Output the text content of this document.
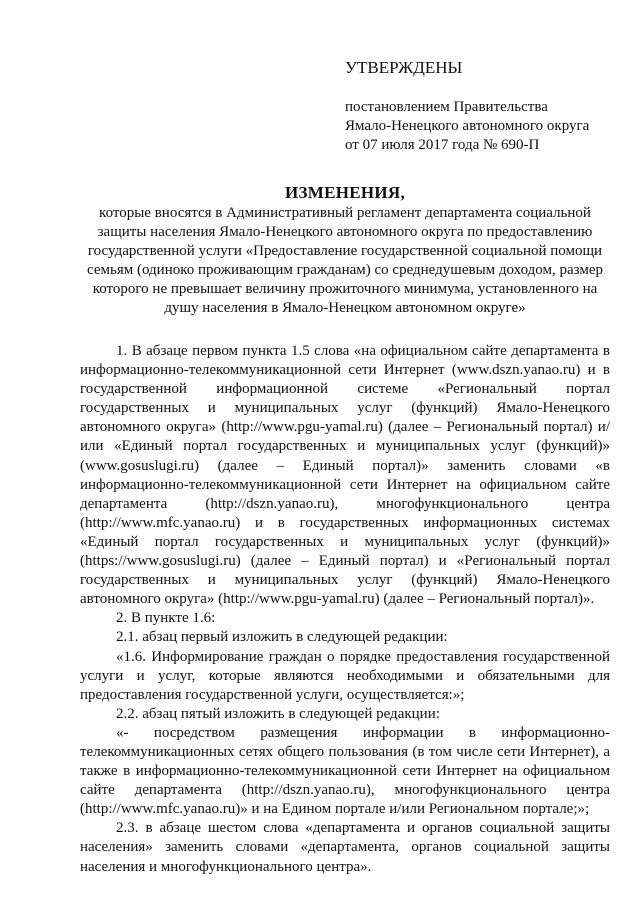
УТВЕРЖДЕНЫ
постановлением Правительства
Ямало-Ненецкого автономного округа
от 07 июля 2017 года № 690-П
ИЗМЕНЕНИЯ,
которые вносятся в Административный регламент департамента социальной защиты населения Ямало-Ненецкого автономного округа по предоставлению государственной услуги «Предоставление государственной социальной помощи семьям (одиноко проживающим гражданам) со среднедушевым доходом, размер которого не превышает величину прожиточного минимума, установленного на душу населения в Ямало-Ненецком автономном округе»

1. В абзаце первом пункта 1.5 слова «на официальном сайте департамента в информационно-телекоммуникационной сети Интернет (www.dszn.yanao.ru) и в государственной информационной системе «Региональный портал государственных и муниципальных услуг (функций) Ямало-Ненецкого автономного округа» (http://www.pgu-yamal.ru) (далее – Региональный портал) и/или «Единый портал государственных и муниципальных услуг (функций)» (www.gosuslugi.ru) (далее – Единый портал)» заменить словами «в информационно-телекоммуникационной сети Интернет на официальном сайте департамента (http://dszn.yanao.ru), многофункционального центра (http://www.mfc.yanao.ru) и в государственных информационных системах «Единый портал государственных и муниципальных услуг (функций)» (https://www.gosuslugi.ru) (далее – Единый портал) и «Региональный портал государственных и муниципальных услуг (функций) Ямало-Ненецкого автономного округа» (http://www.pgu-yamal.ru) (далее – Региональный портал)».

2. В пункте 1.6:

2.1. абзац первый изложить в следующей редакции:

«1.6. Информирование граждан о порядке предоставления государственной услуги и услуг, которые являются необходимыми и обязательными для предоставления государственной услуги, осуществляется:»;

2.2. абзац пятый изложить в следующей редакции:

«- посредством размещения информации в информационно-телекоммуникационных сетях общего пользования (в том числе сети Интернет), а также в информационно-телекоммуникационной сети Интернет на официальном сайте департамента (http://dszn.yanao.ru), многофункционального центра (http://www.mfc.yanao.ru)» и на Едином портале и/или Региональном портале;»;

2.3. в абзаце шестом слова «департамента и органов социальной защиты населения» заменить словами «департамента, органов социальной защиты населения и многофункционального центра».
